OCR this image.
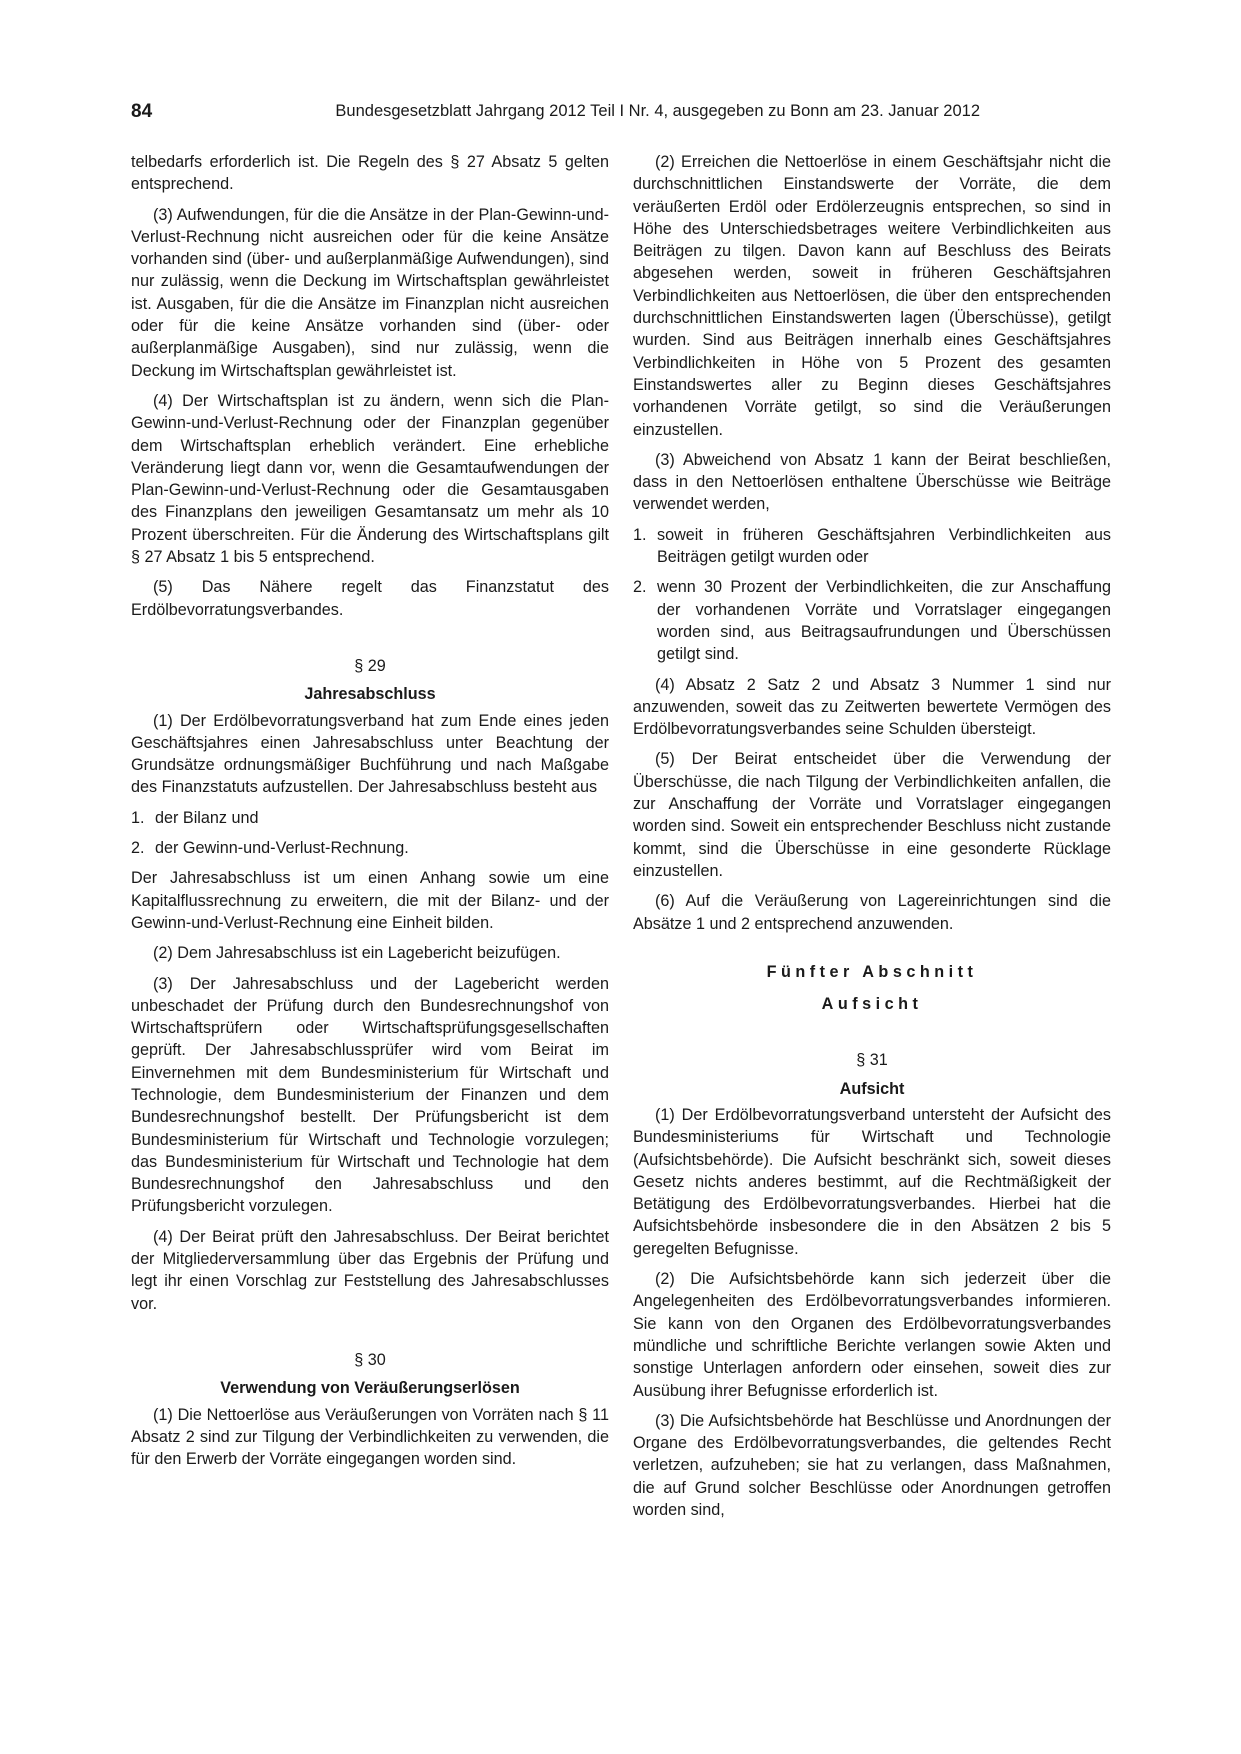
84	Bundesgesetzblatt Jahrgang 2012 Teil I Nr. 4, ausgegeben zu Bonn am 23. Januar 2012

telbedarfs erforderlich ist. Die Regeln des § 27 Absatz 5 gelten entsprechend.

(3) Aufwendungen, für die die Ansätze in der Plan-Gewinn-und-Verlust-Rechnung nicht ausreichen oder für die keine Ansätze vorhanden sind (über- und außerplanmäßige Aufwendungen), sind nur zulässig, wenn die Deckung im Wirtschaftsplan gewährleistet ist. Ausgaben, für die die Ansätze im Finanzplan nicht ausreichen oder für die keine Ansätze vorhanden sind (über- oder außerplanmäßige Ausgaben), sind nur zulässig, wenn die Deckung im Wirtschaftsplan gewährleistet ist.

(4) Der Wirtschaftsplan ist zu ändern, wenn sich die Plan-Gewinn-und-Verlust-Rechnung oder der Finanzplan gegenüber dem Wirtschaftsplan erheblich verändert. Eine erhebliche Veränderung liegt dann vor, wenn die Gesamtaufwendungen der Plan-Gewinn-und-Verlust-Rechnung oder die Gesamtausgaben des Finanzplans den jeweiligen Gesamtansatz um mehr als 10 Prozent überschreiten. Für die Änderung des Wirtschaftsplans gilt § 27 Absatz 1 bis 5 entsprechend.

(5) Das Nähere regelt das Finanzstatut des Erdölbevorratungsverbandes.

§ 29
Jahresabschluss

(1) Der Erdölbevorratungsverband hat zum Ende eines jeden Geschäftsjahres einen Jahresabschluss unter Beachtung der Grundsätze ordnungsmäßiger Buchführung und nach Maßgabe des Finanzstatuts aufzustellen. Der Jahresabschluss besteht aus

1. der Bilanz und
2. der Gewinn-und-Verlust-Rechnung.

Der Jahresabschluss ist um einen Anhang sowie um eine Kapitalflussrechnung zu erweitern, die mit der Bilanz- und der Gewinn-und-Verlust-Rechnung eine Einheit bilden.

(2) Dem Jahresabschluss ist ein Lagebericht beizufügen.

(3) Der Jahresabschluss und der Lagebericht werden unbeschadet der Prüfung durch den Bundesrechnungshof von Wirtschaftsprüfern oder Wirtschaftsprüfungsgesellschaften geprüft. Der Jahresabschlussprüfer wird vom Beirat im Einvernehmen mit dem Bundesministerium für Wirtschaft und Technologie, dem Bundesministerium der Finanzen und dem Bundesrechnungshof bestellt. Der Prüfungsbericht ist dem Bundesministerium für Wirtschaft und Technologie vorzulegen; das Bundesministerium für Wirtschaft und Technologie hat dem Bundesrechnungshof den Jahresabschluss und den Prüfungsbericht vorzulegen.

(4) Der Beirat prüft den Jahresabschluss. Der Beirat berichtet der Mitgliederversammlung über das Ergebnis der Prüfung und legt ihr einen Vorschlag zur Feststellung des Jahresabschlusses vor.

§ 30
Verwendung von Veräußerungserlösen

(1) Die Nettoerlöse aus Veräußerungen von Vorräten nach § 11 Absatz 2 sind zur Tilgung der Verbindlichkeiten zu verwenden, die für den Erwerb der Vorräte eingegangen worden sind.

(2) Erreichen die Nettoerlöse in einem Geschäftsjahr nicht die durchschnittlichen Einstandswerte der Vorräte, die dem veräußerten Erdöl oder Erdölerzeugnis entsprechen, so sind in Höhe des Unterschiedsbetrages weitere Verbindlichkeiten aus Beiträgen zu tilgen. Davon kann auf Beschluss des Beirats abgesehen werden, soweit in früheren Geschäftsjahren Verbindlichkeiten aus Nettoerlösen, die über den entsprechenden durchschnittlichen Einstandswerten lagen (Überschüsse), getilgt wurden. Sind aus Beiträgen innerhalb eines Geschäftsjahres Verbindlichkeiten in Höhe von 5 Prozent des gesamten Einstandswertes aller zu Beginn dieses Geschäftsjahres vorhandenen Vorräte getilgt, so sind die Veräußerungen einzustellen.

(3) Abweichend von Absatz 1 kann der Beirat beschließen, dass in den Nettoerlösen enthaltene Überschüsse wie Beiträge verwendet werden,

1. soweit in früheren Geschäftsjahren Verbindlichkeiten aus Beiträgen getilgt wurden oder
2. wenn 30 Prozent der Verbindlichkeiten, die zur Anschaffung der vorhandenen Vorräte und Vorratslager eingegangen worden sind, aus Beitragsaufrundungen und Überschüssen getilgt sind.

(4) Absatz 2 Satz 2 und Absatz 3 Nummer 1 sind nur anzuwenden, soweit das zu Zeitwerten bewertete Vermögen des Erdölbevorratungsverbandes seine Schulden übersteigt.

(5) Der Beirat entscheidet über die Verwendung der Überschüsse, die nach Tilgung der Verbindlichkeiten anfallen, die zur Anschaffung der Vorräte und Vorratslager eingegangen worden sind. Soweit ein entsprechender Beschluss nicht zustande kommt, sind die Überschüsse in eine gesonderte Rücklage einzustellen.

(6) Auf die Veräußerung von Lagereinrichtungen sind die Absätze 1 und 2 entsprechend anzuwenden.

Fünfter Abschnitt
Aufsicht
§ 31
Aufsicht

(1) Der Erdölbevorratungsverband untersteht der Aufsicht des Bundesministeriums für Wirtschaft und Technologie (Aufsichtsbehörde). Die Aufsicht beschränkt sich, soweit dieses Gesetz nichts anderes bestimmt, auf die Rechtmäßigkeit der Betätigung des Erdölbevorratungsverbandes. Hierbei hat die Aufsichtsbehörde insbesondere die in den Absätzen 2 bis 5 geregelten Befugnisse.

(2) Die Aufsichtsbehörde kann sich jederzeit über die Angelegenheiten des Erdölbevorratungsverbandes informieren. Sie kann von den Organen des Erdölbevorratungsverbandes mündliche und schriftliche Berichte verlangen sowie Akten und sonstige Unterlagen anfordern oder einsehen, soweit dies zur Ausübung ihrer Befugnisse erforderlich ist.

(3) Die Aufsichtsbehörde hat Beschlüsse und Anordnungen der Organe des Erdölbevorratungsverbandes, die geltendes Recht verletzen, aufzuheben; sie hat zu verlangen, dass Maßnahmen, die auf Grund solcher Beschlüsse oder Anordnungen getroffen worden sind,
